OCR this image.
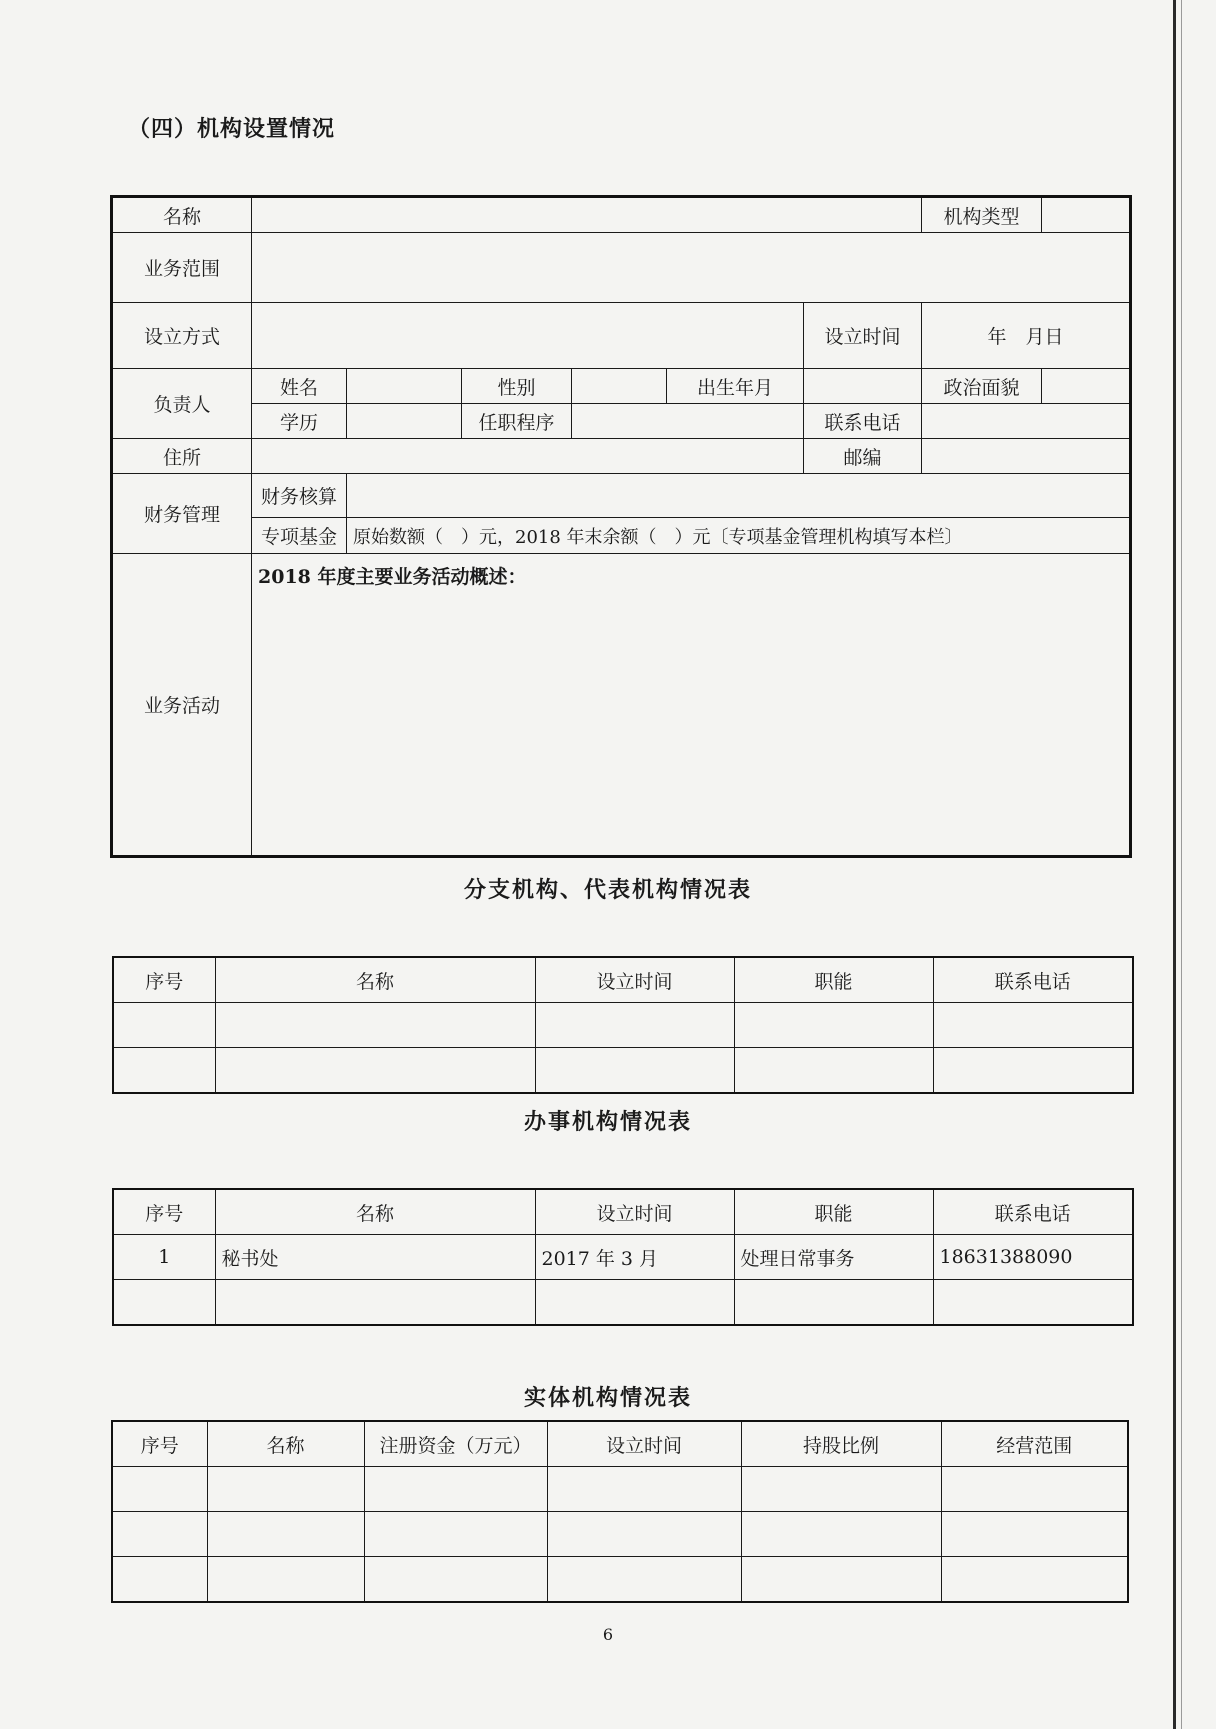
（四）机构设置情况
名称							机构类型	
业务范围								
设立方式						设立时间	年　月日	
负责人	姓名		性别		出生年月		政治面貌	
	学历		任职程序			联系电话		
住所						邮编		
财务管理	财务核算							
	专项基金	原始数额（　）元，2018 年末余额（　）元〔专项基金管理机构填写本栏〕						
业务活动	2018 年度主要业务活动概述：							
分支机构、代表机构情况表
序号	名称	设立时间	职能	联系电话

办事机构情况表
序号	名称	设立时间	职能	联系电话
1	秘书处	2017 年 3 月	处理日常事务	18631388090

实体机构情况表
序号	名称	注册资金（万元）	设立时间	持股比例	经营范围

6
